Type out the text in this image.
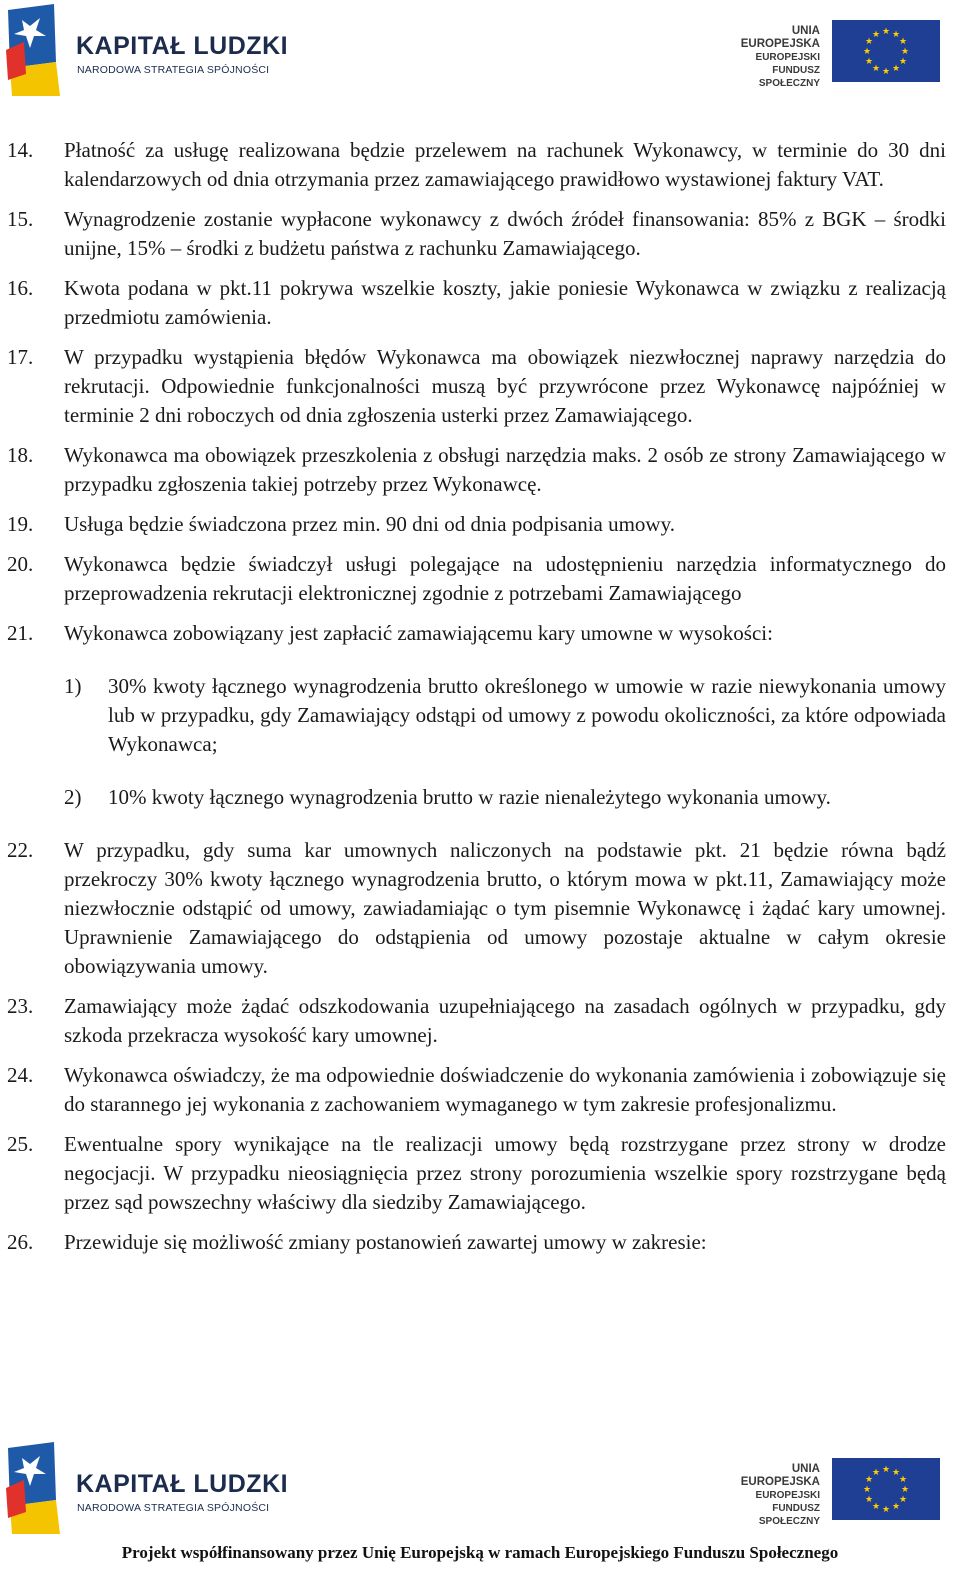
KAPITAŁ LUDZKI
NARODOWA STRATEGIA SPÓJNOŚCI
UNIA EUROPEJSKA
EUROPEJSKI
FUNDUSZ SPOŁECZNY
★ ★
★
★
★
★
★
★
★
★
★
★
14. Płatność za usługę realizowana będzie przelewem na rachunek Wykonawcy, w terminie do 30 dni kalendarzowych od dnia otrzymania przez zamawiającego prawidłowo wystawionej faktury VAT.
15. Wynagrodzenie zostanie wypłacone wykonawcy z dwóch źródeł finansowania: 85% z BGK – środki unijne, 15% – środki z budżetu państwa z rachunku Zamawiającego.
16. Kwota podana w pkt.11 pokrywa wszelkie koszty, jakie poniesie Wykonawca w związku z realizacją przedmiotu zamówienia.
17. W przypadku wystąpienia błędów Wykonawca ma obowiązek niezwłocznej naprawy narzędzia do rekrutacji. Odpowiednie funkcjonalności muszą być przywrócone przez Wykonawcę najpóźniej w terminie 2 dni roboczych od dnia zgłoszenia usterki przez Zamawiającego.
18. Wykonawca ma obowiązek przeszkolenia z obsługi narzędzia maks. 2 osób ze strony Zamawiającego w przypadku zgłoszenia takiej potrzeby przez Wykonawcę.
19. Usługa będzie świadczona przez min. 90 dni od dnia podpisania umowy.
20. Wykonawca będzie świadczył usługi polegające na udostępnieniu narzędzia informatycznego do przeprowadzenia rekrutacji elektronicznej zgodnie z potrzebami Zamawiającego
21. Wykonawca zobowiązany jest zapłacić zamawiającemu kary umowne w wysokości:
1) 30% kwoty łącznego wynagrodzenia brutto określonego w umowie w razie niewykonania umowy lub w przypadku, gdy Zamawiający odstąpi od umowy z powodu okoliczności, za które odpowiada Wykonawca;
2) 10% kwoty łącznego wynagrodzenia brutto w razie nienależytego wykonania umowy.
22. W przypadku, gdy suma kar umownych naliczonych na podstawie pkt. 21 będzie równa bądź przekroczy 30% kwoty łącznego wynagrodzenia brutto, o którym mowa w pkt.11, Zamawiający może niezwłocznie odstąpić od umowy, zawiadamiając o tym pisemnie Wykonawcę i żądać kary umownej. Uprawnienie Zamawiającego do odstąpienia od umowy pozostaje aktualne w całym okresie obowiązywania umowy.
23. Zamawiający może żądać odszkodowania uzupełniającego na zasadach ogólnych w przypadku, gdy szkoda przekracza wysokość kary umownej.
24. Wykonawca oświadczy, że ma odpowiednie doświadczenie do wykonania zamówienia i zobowiązuje się do starannego jej wykonania z zachowaniem wymaganego w tym zakresie profesjonalizmu.
25. Ewentualne spory wynikające na tle realizacji umowy będą rozstrzygane przez strony w drodze negocjacji. W przypadku nieosiągnięcia przez strony porozumienia wszelkie spory rozstrzygane będą przez sąd powszechny właściwy dla siedziby Zamawiającego.
26. Przewiduje się możliwość zmiany postanowień zawartej umowy w zakresie:
KAPITAŁ LUDZKI
NARODOWA STRATEGIA SPÓJNOŚCI
UNIA EUROPEJSKA
EUROPEJSKI
FUNDUSZ SPOŁECZNY
★ ★
★
★
★
★
★
★
★
★
★
★
Projekt współfinansowany przez Unię Europejską w ramach Europejskiego Funduszu Społecznego
